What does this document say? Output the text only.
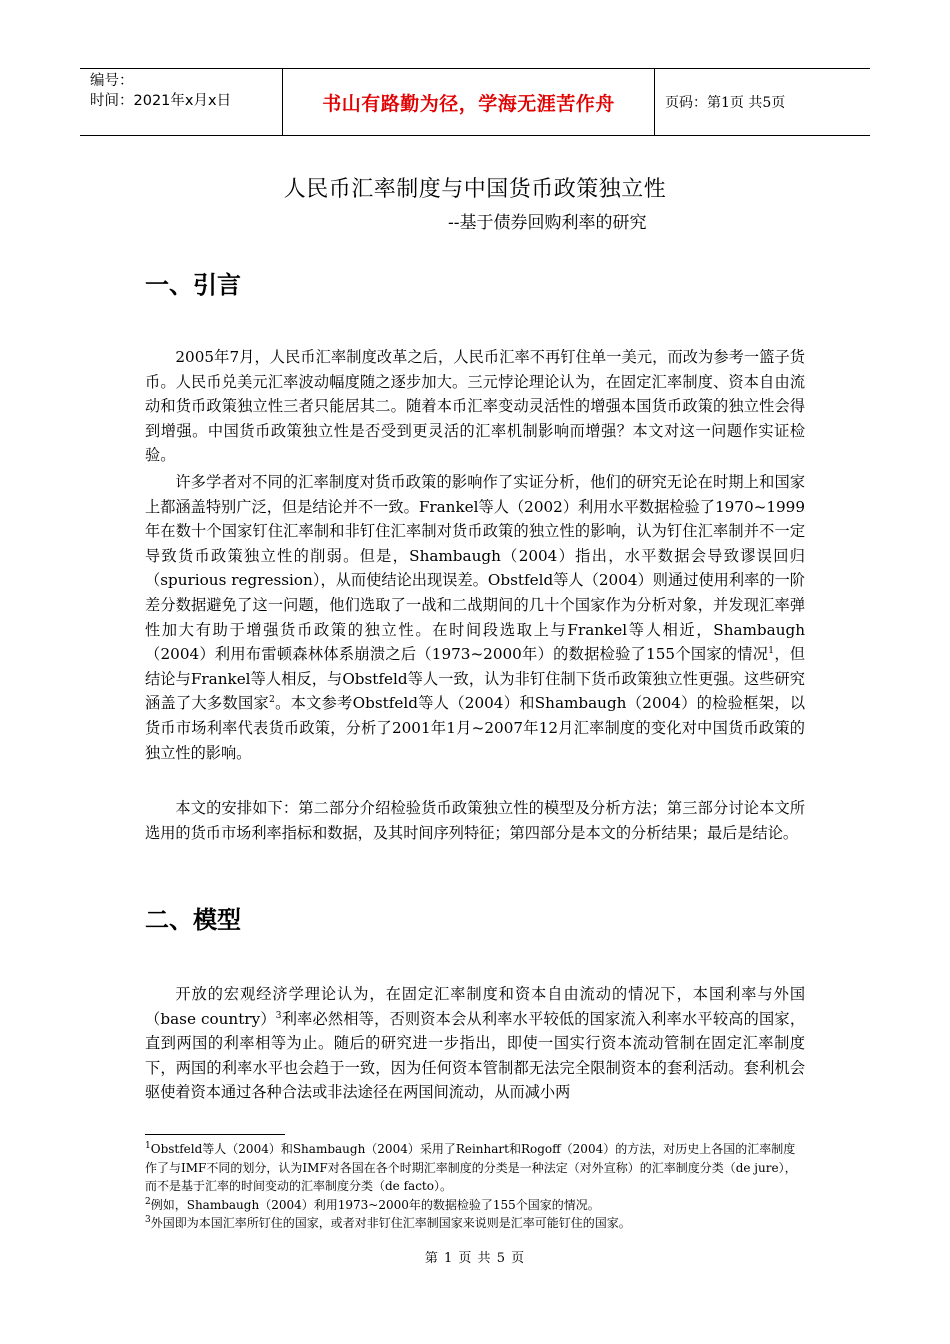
编号：
时间：2021年x月x日	书山有路勤为径，学海无涯苦作舟	页码：第1页 共5页
人民币汇率制度与中国货币政策独立性
--基于债券回购利率的研究
一、引言

2005年7月，人民币汇率制度改革之后，人民币汇率不再钉住单一美元，而改为参考一篮子货币。人民币兑美元汇率波动幅度随之逐步加大。三元悖论理论认为，在固定汇率制度、资本自由流动和货币政策独立性三者只能居其二。随着本币汇率变动灵活性的增强本国货币政策的独立性会得到增强。中国货币政策独立性是否受到更灵活的汇率机制影响而增强？本文对这一问题作实证检验。

许多学者对不同的汇率制度对货币政策的影响作了实证分析，他们的研究无论在时期上和国家上都涵盖特别广泛，但是结论并不一致。Frankel等人（2002）利用水平数据检验了1970~1999年在数十个国家钉住汇率制和非钉住汇率制对货币政策的独立性的影响，认为钉住汇率制并不一定导致货币政策独立性的削弱。但是，Shambaugh（2004）指出，水平数据会导致谬误回归（spurious regression），从而使结论出现误差。Obstfeld等人（2004）则通过使用利率的一阶差分数据避免了这一问题，他们选取了一战和二战期间的几十个国家作为分析对象，并发现汇率弹性加大有助于增强货币政策的独立性。在时间段选取上与Frankel等人相近，Shambaugh（2004）利用布雷顿森林体系崩溃之后（1973~2000年）的数据检验了155个国家的情况$^1$，但结论与Frankel等人相反，与Obstfeld等人一致，认为非钉住制下货币政策独立性更强。这些研究涵盖了大多数国家$^2$。本文参考Obstfeld等人（2004）和Shambaugh（2004）的检验框架，以货币市场利率代表货币政策，分析了2001年1月~2007年12月汇率制度的变化对中国货币政策的独立性的影响。

本文的安排如下：第二部分介绍检验货币政策独立性的模型及分析方法；第三部分讨论本文所选用的货币市场利率指标和数据，及其时间序列特征；第四部分是本文的分析结果；最后是结论。

二、模型

开放的宏观经济学理论认为，在固定汇率制度和资本自由流动的情况下，本国利率与外国（base country）$^3$利率必然相等，否则资本会从利率水平较低的国家流入利率水平较高的国家，直到两国的利率相等为止。随后的研究进一步指出，即使一国实行资本流动管制在固定汇率制度下，两国的利率水平也会趋于一致，因为任何资本管制都无法完全限制资本的套利活动。套利机会驱使着资本通过各种合法或非法途径在两国间流动，从而减小两

$^1$Obstfeld等人（2004）和Shambaugh（2004）采用了Reinhart和Rogoff（2004）的方法，对历史上各国的汇率制度作了与IMF不同的划分，认为IMF对各国在各个时期汇率制度的分类是一种法定（对外宣称）的汇率制度分类（de jure），而不是基于汇率的时间变动的汇率制度分类（de facto）。

$^2$例如，Shambaugh（2004）利用1973~2000年的数据检验了155个国家的情况。

$^3$外国即为本国汇率所钉住的国家，或者对非钉住汇率制国家来说则是汇率可能钉住的国家。

第 1 页 共 5 页
